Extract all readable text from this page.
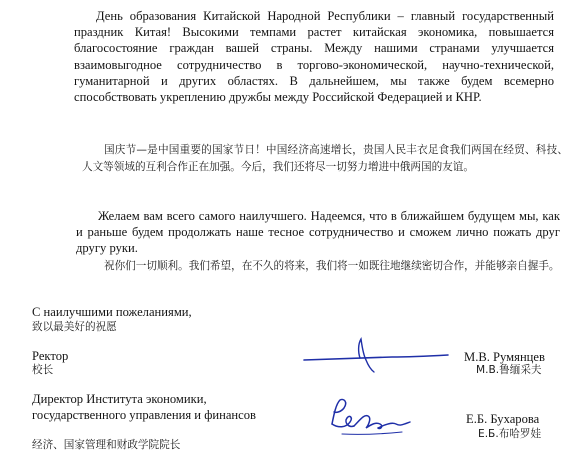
День образования Китайской Народной Республики – главный государственный праздник Китая! Высокими темпами растет китайская экономика, повышается благосостояние граждан вашей страны. Между нашими странами улучшается взаимовыгодное сотрудничество в торгово-экономической, научно-технической, гуманитарной и других областях. В дальнейшем, мы также будем всемерно способствовать укреплению дружбы между Российской Федерацией и КНР.

国庆节—是中国重要的国家节日！中国经济高速增长，贵国人民丰衣足食我们两国在经贸、科技、人文等领域的互利合作正在加强。今后，我们还将尽一切努力增进中俄两国的友谊。

Желаем вам всего самого наилучшего. Надеемся, что в ближайшем будущем мы, как и раньше будем продолжать наше тесное сотрудничество и сможем лично пожать друг другу руки.

祝你们一切顺利。我们希望，在不久的将来，我们将一如既往地继续密切合作，并能够亲自握手。

С наилучшими пожеланиями,
致以最美好的祝愿
Ректор
校长
М.В. Румянцев
M.B.鲁缅采夫
Директор Института экономики, государственного управления и финансов
经济、国家管理和财政学院院长
Е.Б. Бухарова
E.Б.布哈罗娃
